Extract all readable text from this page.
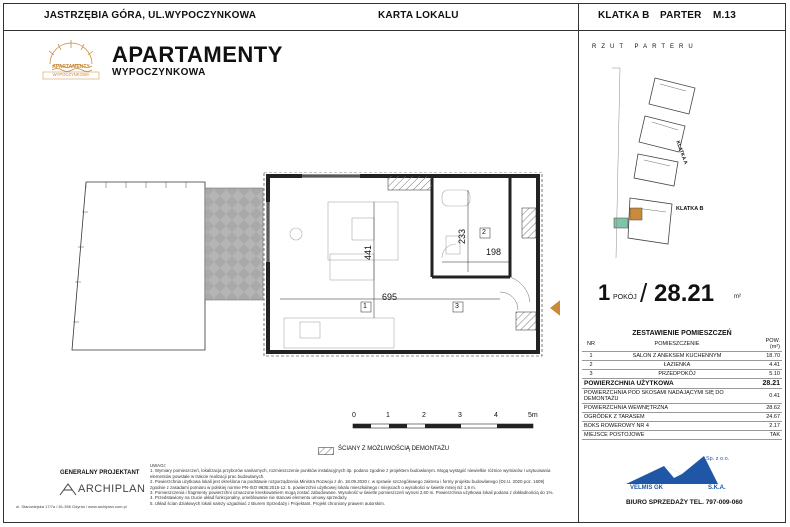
JASTRZĘBIA GÓRA, UL.WYPOCZYNKOWA	KARTA LOKALU	KLATKA B PARTER M.13
APARTAMENTY
WYPOCZYNKOWA
APARTAMENTY
WYPOCZYNKOWA
441
695
233
198
1
2
3
0	1	2	3	4	5m
ŚCIANY Z MOŻLIWOŚCIĄ DEMONTAŻU
RZUT PARTERU
KLATKA A
KLATKA B
1 POKÓJ / 28.21	m²
ZESTAWIENIE POMIESZCZEŃ
NR	POMIESZCZENIE	POW. (m²)
1	SALON Z ANEKSEM KUCHENNYM	18.70
2	ŁAZIENKA	4.41
3	PRZEDPOKÓJ	5.10
POWIERZCHNIA UŻYTKOWA		28.21
POWIERZCHNIA POD SKOSAMI NADAJĄCYMI SIĘ DO DEMONTAŻU		0.41
POWIERZCHNIA WEWNĘTRZNA		28.62
OGRÓDEK Z TARASEM		24.67
BOKS ROWEROWY NR 4		2.17
MIEJSCE POSTOJOWE		TAK
GENERALNY PROJEKTANT
ARCHIPLAN
ul. Starowiejska 17/7a / 81-356 Gdynia / www.archiplan.com.pl
UWAGI:
1. Wymiary pomieszczeń, lokalizacja przyborów sanitarnych, rozmieszczenie punktów instalacyjnych itp. podano zgodnie z projektem budowlanym. Mogą wystąpić niewielkie różnice wymiarów i usytuowania elementów powstałe w trakcie realizacji prac budowlanych.
2. Powierzchnia użytkowa lokali jest określona na podstawie rozporządzenia Ministra Rozwoju z dn. 18.09.2020 r. w sprawie szczegółowego zakresu i formy projektu budowlanego (Dz.U. 2020 poz. 1609) zgodnie z zasadami pomiaru w polskiej normie PN-ISO 9836:2015-12. 5. powierzchni użytkowej lokalu mieszkalnego i miejscach o wysokości w świetle mniej niż 1,9 m.
3. Pomieszczenia i fragmenty powierzchni oznaczone kreskowaniem mogą zostać zabudowane. Wysokość w świetle pomieszczeń wynosi 2,60 m. Powierzchnia użytkowa lokali podana z dokładnością do 1%.
4. Przedstawiony na rzucie układ funkcjonalny, umeblowanie nie stanowi elementu umowy sprzedaży.
5. Układ ścian działowych lokali należy uzgadniać z Biurem Sprzedaży i Projektant. Projekt chroniony prawem autorskim.
VELMIS GK
Sp. z o.o.
S.K.A.
BIURO SPRZEDAŻY TEL. 797-009-060
